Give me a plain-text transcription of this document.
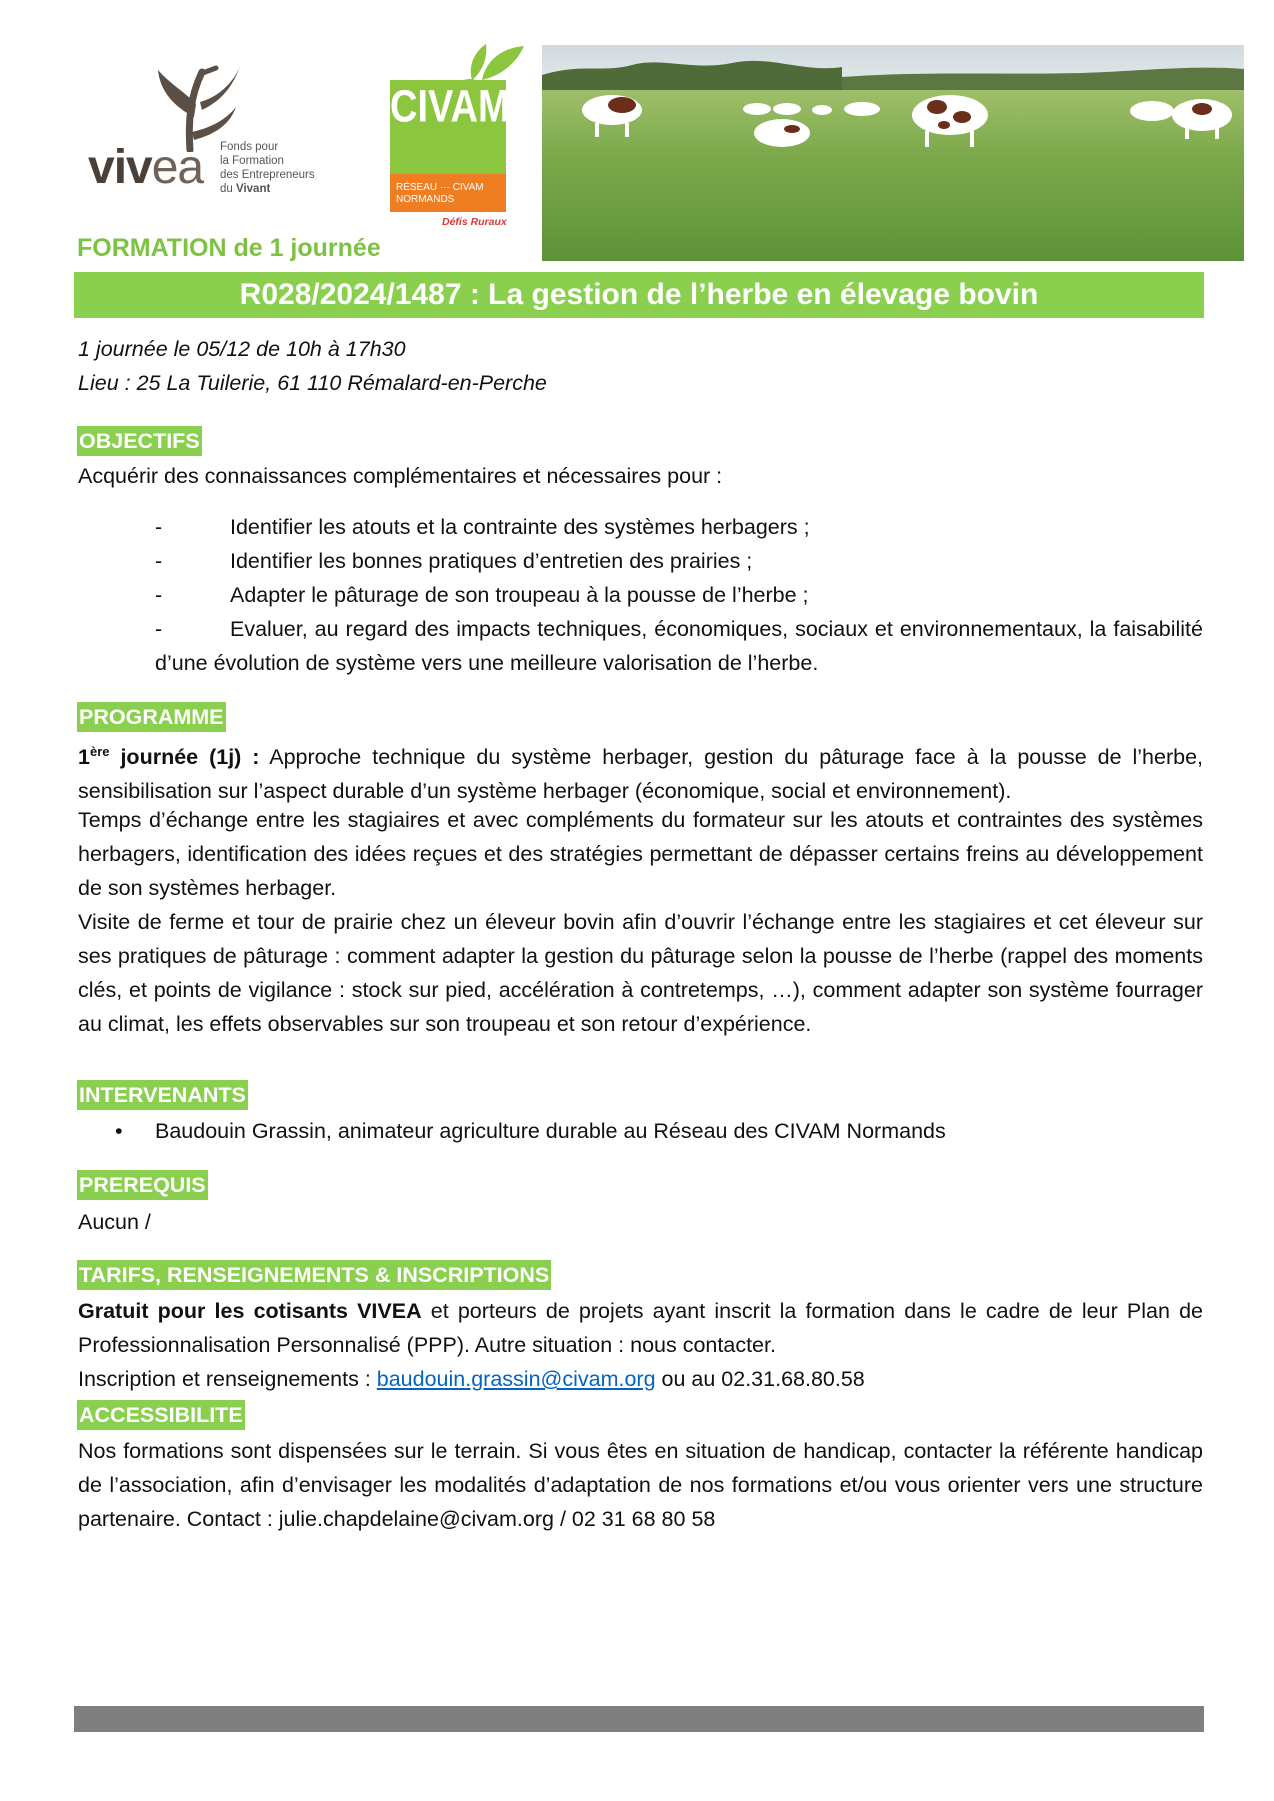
vivea Fonds pour
la Formation
des Entrepreneurs
du Vivant
CIVAM
RÉSEAU ··· CIVAM
NORMANDS
Défis Ruraux
FORMATION de 1 journée
R028/2024/1487 : La gestion de l’herbe en élevage bovin
1 journée le 05/12 de 10h à 17h30
Lieu : 25 La Tuilerie, 61 110 Rémalard-en-Perche
OBJECTIFS
Acquérir des connaissances complémentaires et nécessaires pour :
-	Identifier les atouts et la contrainte des systèmes herbagers ;
-	Identifier les bonnes pratiques d’entretien des prairies ;
-	Adapter le pâturage de son troupeau à la pousse de l’herbe ;
-	Evaluer, au regard des impacts techniques, économiques, sociaux et environnementaux, la faisabilité d’une évolution de système vers une meilleure valorisation de l’herbe.
PROGRAMME
1ère journée (1j) : Approche technique du système herbager, gestion du pâturage face à la pousse de l’herbe, sensibilisation sur l’aspect durable d’un système herbager (économique, social et environnement).
Temps d’échange entre les stagiaires et avec compléments du formateur sur les atouts et contraintes des systèmes herbagers, identification des idées reçues et des stratégies permettant de dépasser certains freins au développement de son systèmes herbager.
Visite de ferme et tour de prairie chez un éleveur bovin afin d’ouvrir l’échange entre les stagiaires et cet éleveur sur ses pratiques de pâturage : comment adapter la gestion du pâturage selon la pousse de l’herbe (rappel des moments clés, et points de vigilance : stock sur pied, accélération à contretemps, …), comment adapter son système fourrager au climat, les effets observables sur son troupeau et son retour d’expérience.
INTERVENANTS
• Baudouin Grassin, animateur agriculture durable au Réseau des CIVAM Normands
PREREQUIS
Aucun /
TARIFS, RENSEIGNEMENTS & INSCRIPTIONS
Gratuit pour les cotisants VIVEA et porteurs de projets ayant inscrit la formation dans le cadre de leur Plan de Professionnalisation Personnalisé (PPP). Autre situation : nous contacter.
Inscription et renseignements : baudouin.grassin@civam.org ou au 02.31.68.80.58
ACCESSIBILITE
Nos formations sont dispensées sur le terrain. Si vous êtes en situation de handicap, contacter la référente handicap de l’association, afin d’envisager les modalités d’adaptation de nos formations et/ou vous orienter vers une structure partenaire. Contact : julie.chapdelaine@civam.org / 02 31 68 80 58
